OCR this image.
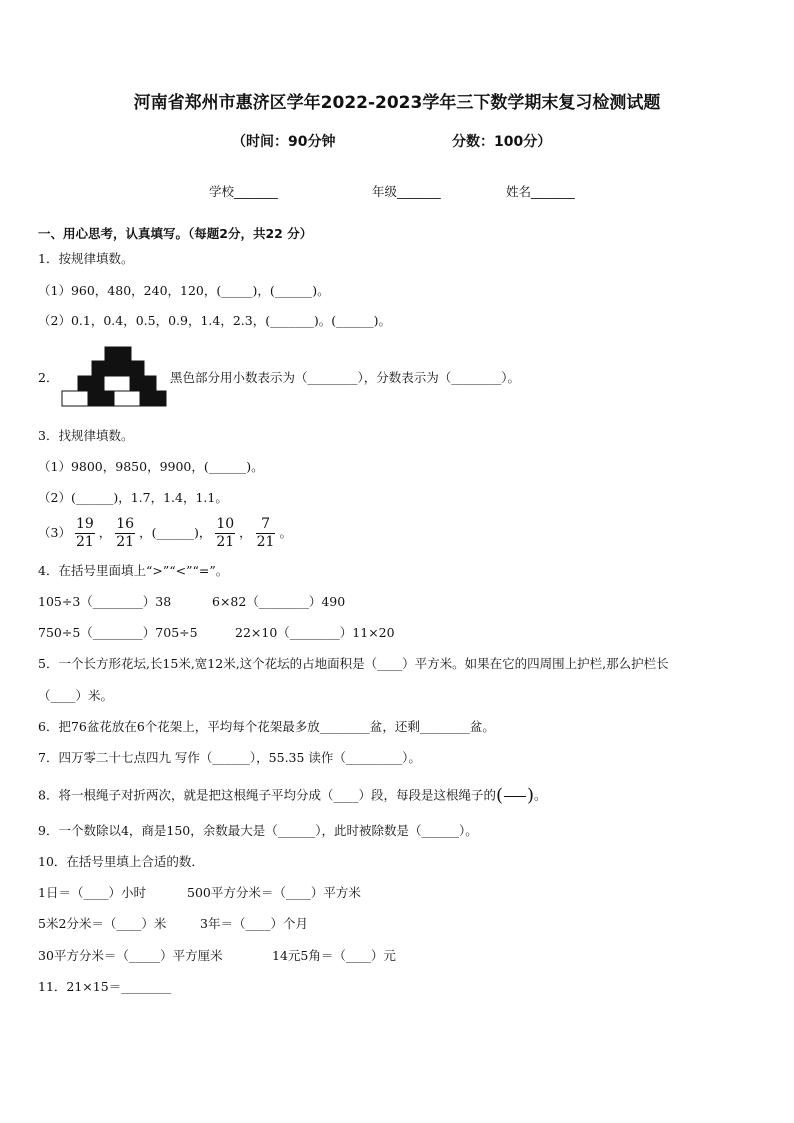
河南省郑州市惠济区学年2022-2023学年三下数学期末复习检测试题
（时间：90分钟	分数：100分）
学校_______	年级_______	姓名_______
一、用心思考，认真填写。（每题2分，共22 分）
1．按规律填数。
（1）960，480，240，120，(_____)，(______)。
（2）0.1，0.4，0.5，0.9，1.4，2.3，(_______)。(______)。
2．	黑色部分用小数表示为（________），分数表示为（________）。
3．找规律填数。
（1）9800，9850，9900，(______)。
（2）(______)，1.7，1.4，1.1。
$(3) \frac{19}{21}$ ， $\frac{16}{21}$ ，(______)， $\frac{10}{21}$ ， $\frac{7}{21}$ 。
4．在括号里面填上“>”“<”“=”。
105÷3（________）38	6×82（________）490
750÷5（________）705÷5	22×10（________）11×20
5．一个长方形花坛,长15米,宽12米,这个花坛的占地面积是（____）平方米。如果在它的四周围上护栏,那么护栏长
（____）米。
6．把76盆花放在6个花架上，平均每个花架最多放________盆，还剩________盆。
7．四万零二十七点四九 写作（______），55.35 读作（_________）。
8．将一根绳子对折两次，就是把这根绳子平均分成（____）段，每段是这根绳子的( )。
9．一个数除以4，商是150，余数最大是（______），此时被除数是（______）。
10．在括号里填上合适的数．
1日＝（____）小时	500平方分米＝（____）平方米
5米2分米＝（____）米	3年＝（____）个月
30平方分米＝（_____）平方厘米	14元5角＝（____）元
11．21×15＝________
